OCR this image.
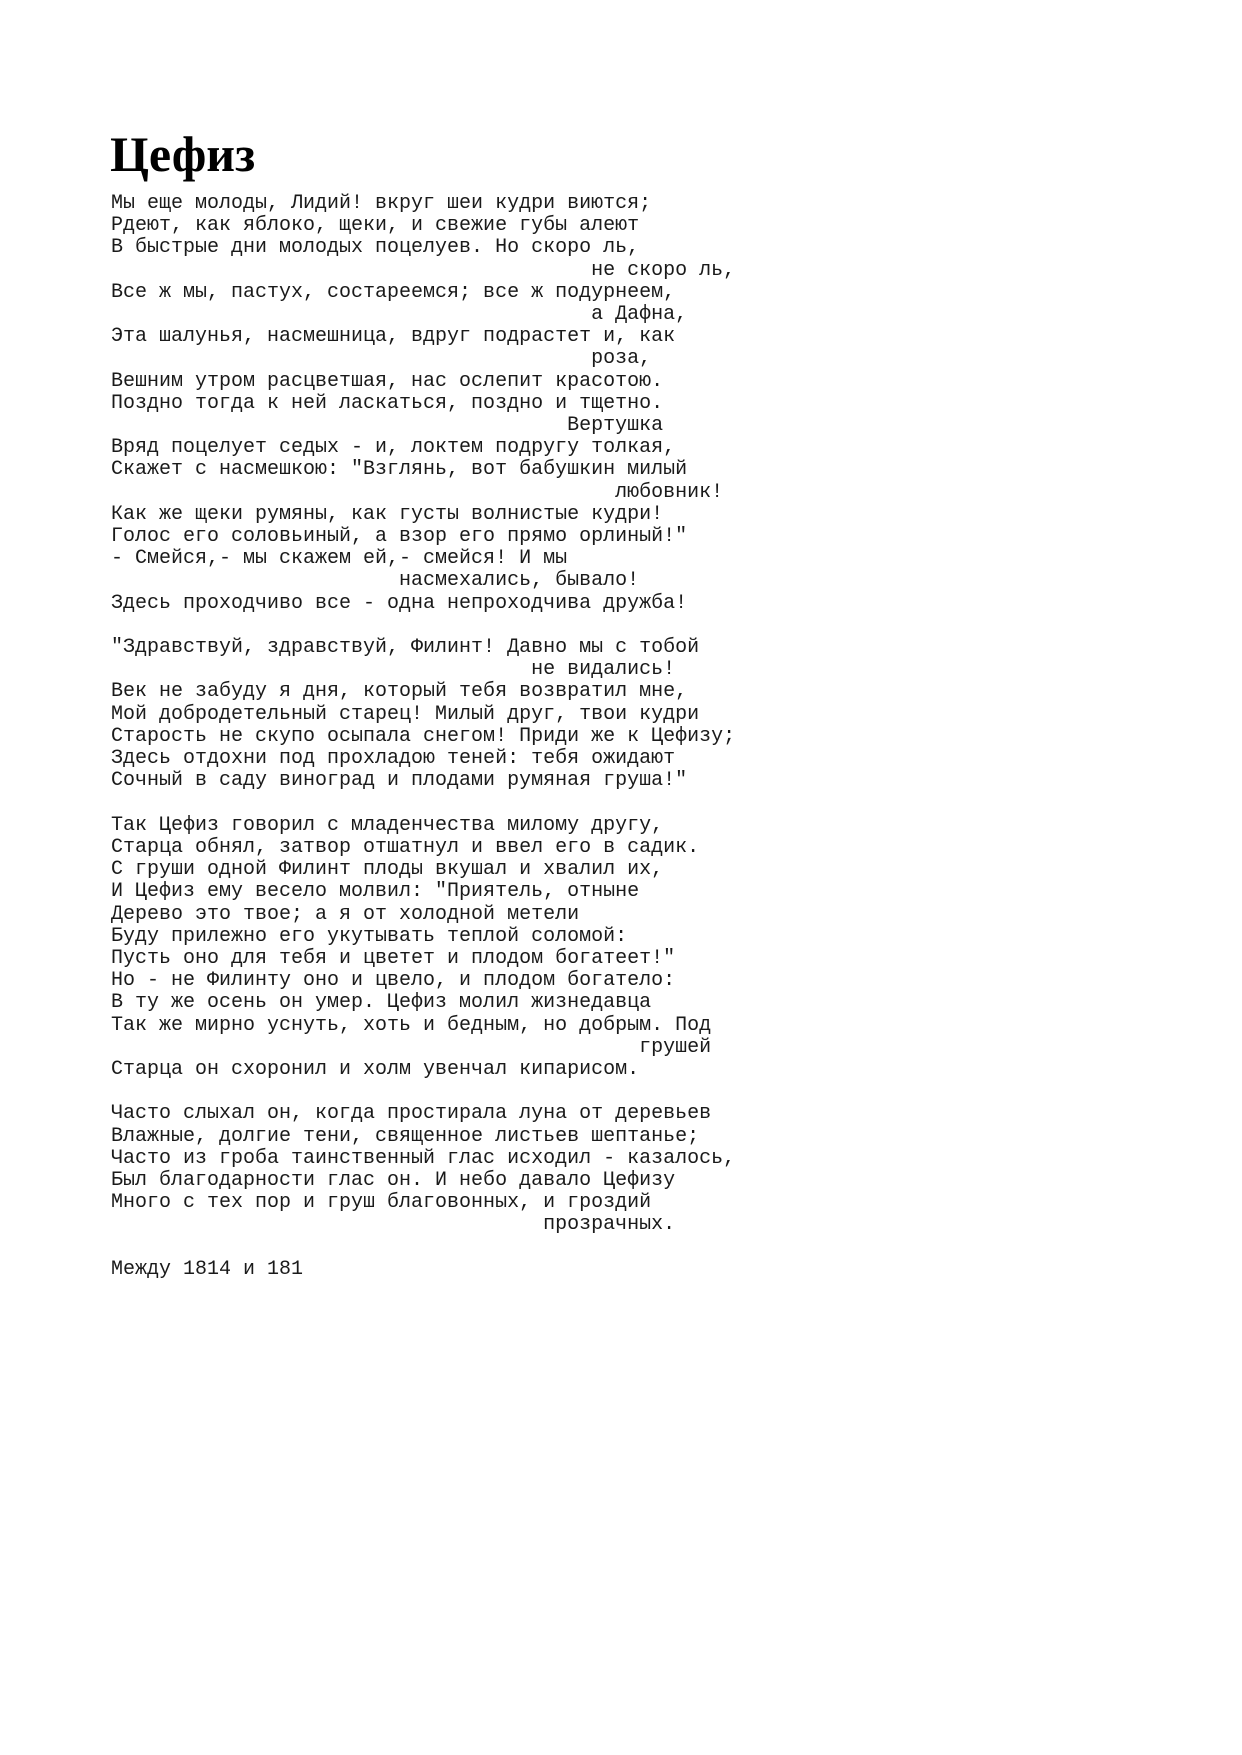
Цефиз
Мы еще молоды, Лидий! вкруг шеи кудри виются;
Рдеют, как яблоко, щеки, и свежие губы алеют
В быстрые дни молодых поцелуев. Но скоро ль,
не скоро ль,
Все ж мы, пастух, состареемся; все ж подурнеем,
а Дафна,
Эта шалунья, насмешница, вдруг подрастет и, как
роза,
Вешним утром расцветшая, нас ослепит красотою.
Поздно тогда к ней ласкаться, поздно и тщетно.
Вертушка
Вряд поцелует седых - и, локтем подругу толкая,
Скажет с насмешкою: "Взглянь, вот бабушкин милый
любовник!
Как же щеки румяны, как густы волнистые кудри!
Голос его соловьиный, а взор его прямо орлиный!"
- Смейся,- мы скажем ей,- смейся! И мы
насмехались, бывало!
Здесь проходчиво все - одна непроходчива дружба!

"Здравствуй, здравствуй, Филинт! Давно мы с тобой
не видались!
Век не забуду я дня, который тебя возвратил мне,
Мой добродетельный старец! Милый друг, твои кудри
Старость не скупо осыпала снегом! Приди же к Цефизу;
Здесь отдохни под прохладою теней: тебя ожидают
Сочный в саду виноград и плодами румяная груша!"

Так Цефиз говорил с младенчества милому другу,
Старца обнял, затвор отшатнул и ввел его в садик.
С груши одной Филинт плоды вкушал и хвалил их,
И Цефиз ему весело молвил: "Приятель, отныне
Дерево это твое; а я от холодной метели
Буду прилежно его укутывать теплой соломой:
Пусть оно для тебя и цветет и плодом богатеет!"
Но - не Филинту оно и цвело, и плодом богатело:
В ту же осень он умер. Цефиз молил жизнедавца
Так же мирно уснуть, хоть и бедным, но добрым. Под
грушей
Старца он схоронил и холм увенчал кипарисом.

Часто слыхал он, когда простирала луна от деревьев
Влажные, долгие тени, священное листьев шептанье;
Часто из гроба таинственный глас исходил - казалось,
Был благодарности глас он. И небо давало Цефизу
Много с тех пор и груш благовонных, и гроздий
прозрачных.

Между 1814 и 181
